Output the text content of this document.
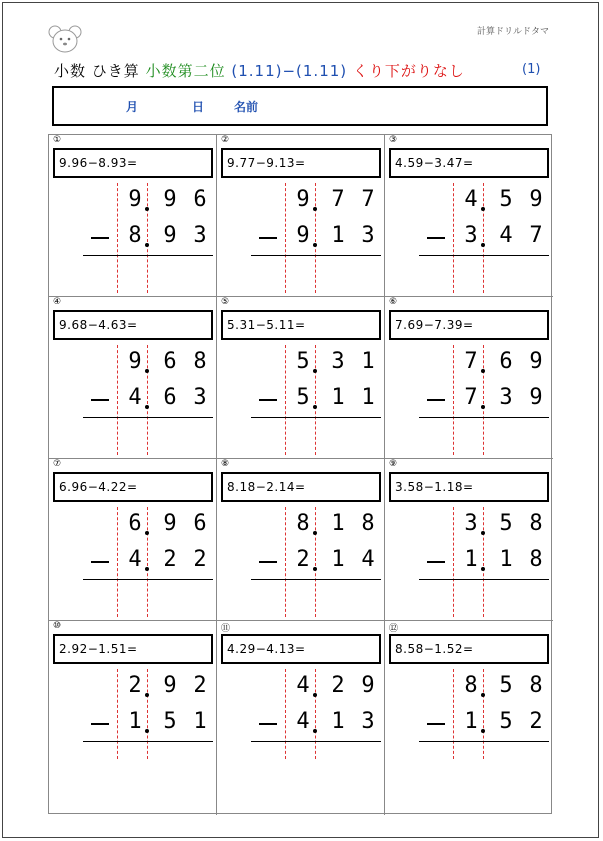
計算ドリルドタマ
小数 ひき算 小数第二位 (1.11)−(1.11) くり下がりなし	(1)
月	日 名前
①
9.96−8.93=
9 9 6
8 9 3
②
9.77−9.13=
9 7 7
9 1 3
③
4.59−3.47=
4 5 9
3 4 7
④
9.68−4.63=
9 6 8
4 6 3
⑤
5.31−5.11=
5 3 1
5 1 1
⑥
7.69−7.39=
7 6 9
7 3 9
⑦
6.96−4.22=
6 9 6
4 2 2
⑧
8.18−2.14=
8 1 8
2 1 4
⑨
3.58−1.18=
3 5 8
1 1 8
⑩
2.92−1.51=
2 9 2
1 5 1
⑪
4.29−4.13=
4 2 9
4 1 3
⑫
8.58−1.52=
8 5 8
1 5 2
